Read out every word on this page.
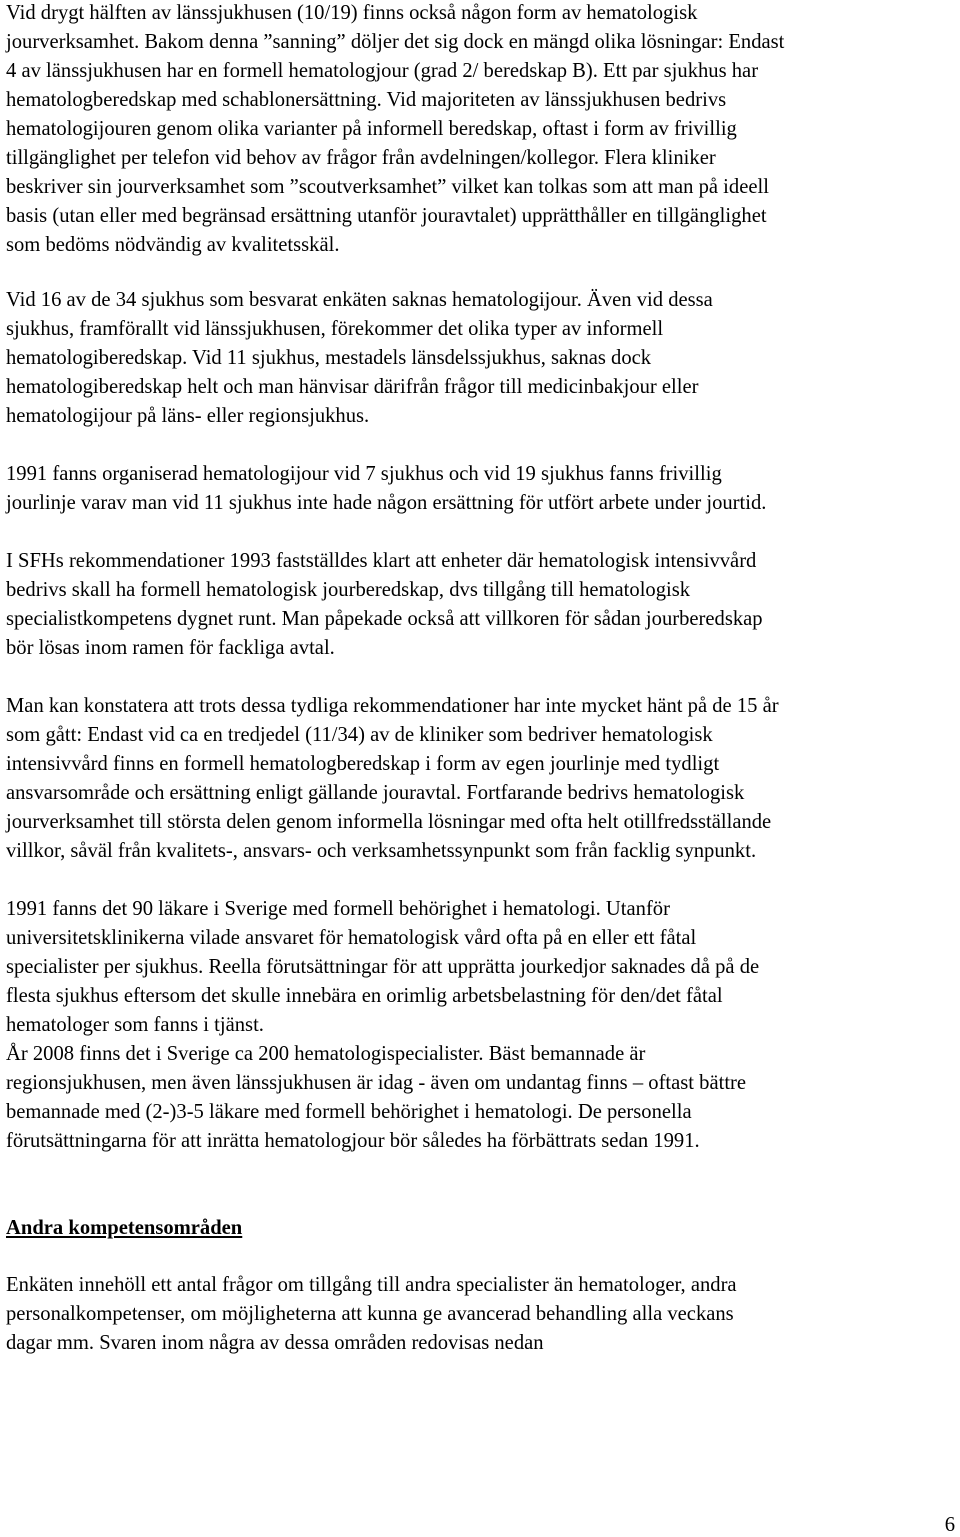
Vid drygt hälften av länssjukhusen (10/19) finns också någon form av hematologisk
jourverksamhet. Bakom denna ”sanning” döljer det sig dock en mängd olika lösningar: Endast
4 av länssjukhusen har en formell hematologjour (grad 2/ beredskap B). Ett par sjukhus har
hematologberedskap med schablonersättning. Vid majoriteten av länssjukhusen bedrivs
hematologijouren genom olika varianter på informell beredskap, oftast i form av frivillig
tillgänglighet per telefon vid behov av frågor från avdelningen/kollegor. Flera kliniker
beskriver sin jourverksamhet som ”scoutverksamhet” vilket kan tolkas som att man på ideell
basis (utan eller med begränsad ersättning utanför jouravtalet) upprätthåller en tillgänglighet
som bedöms nödvändig av kvalitetsskäl.
Vid 16 av de 34 sjukhus som besvarat enkäten saknas hematologijour. Även vid dessa
sjukhus, framförallt vid länssjukhusen, förekommer det olika typer av informell
hematologiberedskap. Vid 11 sjukhus, mestadels länsdelssjukhus, saknas dock
hematologiberedskap helt och man hänvisar därifrån frågor till medicinbakjour eller
hematologijour på läns- eller regionsjukhus.
1991 fanns organiserad hematologijour vid 7 sjukhus och vid 19 sjukhus fanns frivillig
jourlinje varav man vid 11 sjukhus inte hade någon ersättning för utfört arbete under jourtid.
I SFHs rekommendationer 1993 fastställdes klart att enheter där hematologisk intensivvård
bedrivs skall ha formell hematologisk jourberedskap, dvs tillgång till hematologisk
specialistkompetens dygnet runt. Man påpekade också att villkoren för sådan jourberedskap
bör lösas inom ramen för fackliga avtal.
Man kan konstatera att trots dessa tydliga rekommendationer har inte mycket hänt på de 15 år
som gått: Endast vid ca en tredjedel (11/34) av de kliniker som bedriver hematologisk
intensivvård finns en formell hematologberedskap i form av egen jourlinje med tydligt
ansvarsområde och ersättning enligt gällande jouravtal. Fortfarande bedrivs hematologisk
jourverksamhet till största delen genom informella lösningar med ofta helt otillfredsställande
villkor, såväl från kvalitets-, ansvars- och verksamhetssynpunkt som från facklig synpunkt.
1991 fanns det 90 läkare i Sverige med formell behörighet i hematologi. Utanför
universitetsklinikerna vilade ansvaret för hematologisk vård ofta på en eller ett fåtal
specialister per sjukhus. Reella förutsättningar för att upprätta jourkedjor saknades då på de
flesta sjukhus eftersom det skulle innebära en orimlig arbetsbelastning för den/det fåtal
hematologer som fanns i tjänst.
År 2008 finns det i Sverige ca 200 hematologispecialister. Bäst bemannade är
regionsjukhusen, men även länssjukhusen är idag - även om undantag finns – oftast bättre
bemannade med (2-)3-5 läkare med formell behörighet i hematologi. De personella
förutsättningarna för att inrätta hematologjour bör således ha förbättrats sedan 1991.
Andra kompetensområden
Enkäten innehöll ett antal frågor om tillgång till andra specialister än hematologer, andra
personalkompetenser, om möjligheterna att kunna ge avancerad behandling alla veckans
dagar mm. Svaren inom några av dessa områden redovisas nedan
6
